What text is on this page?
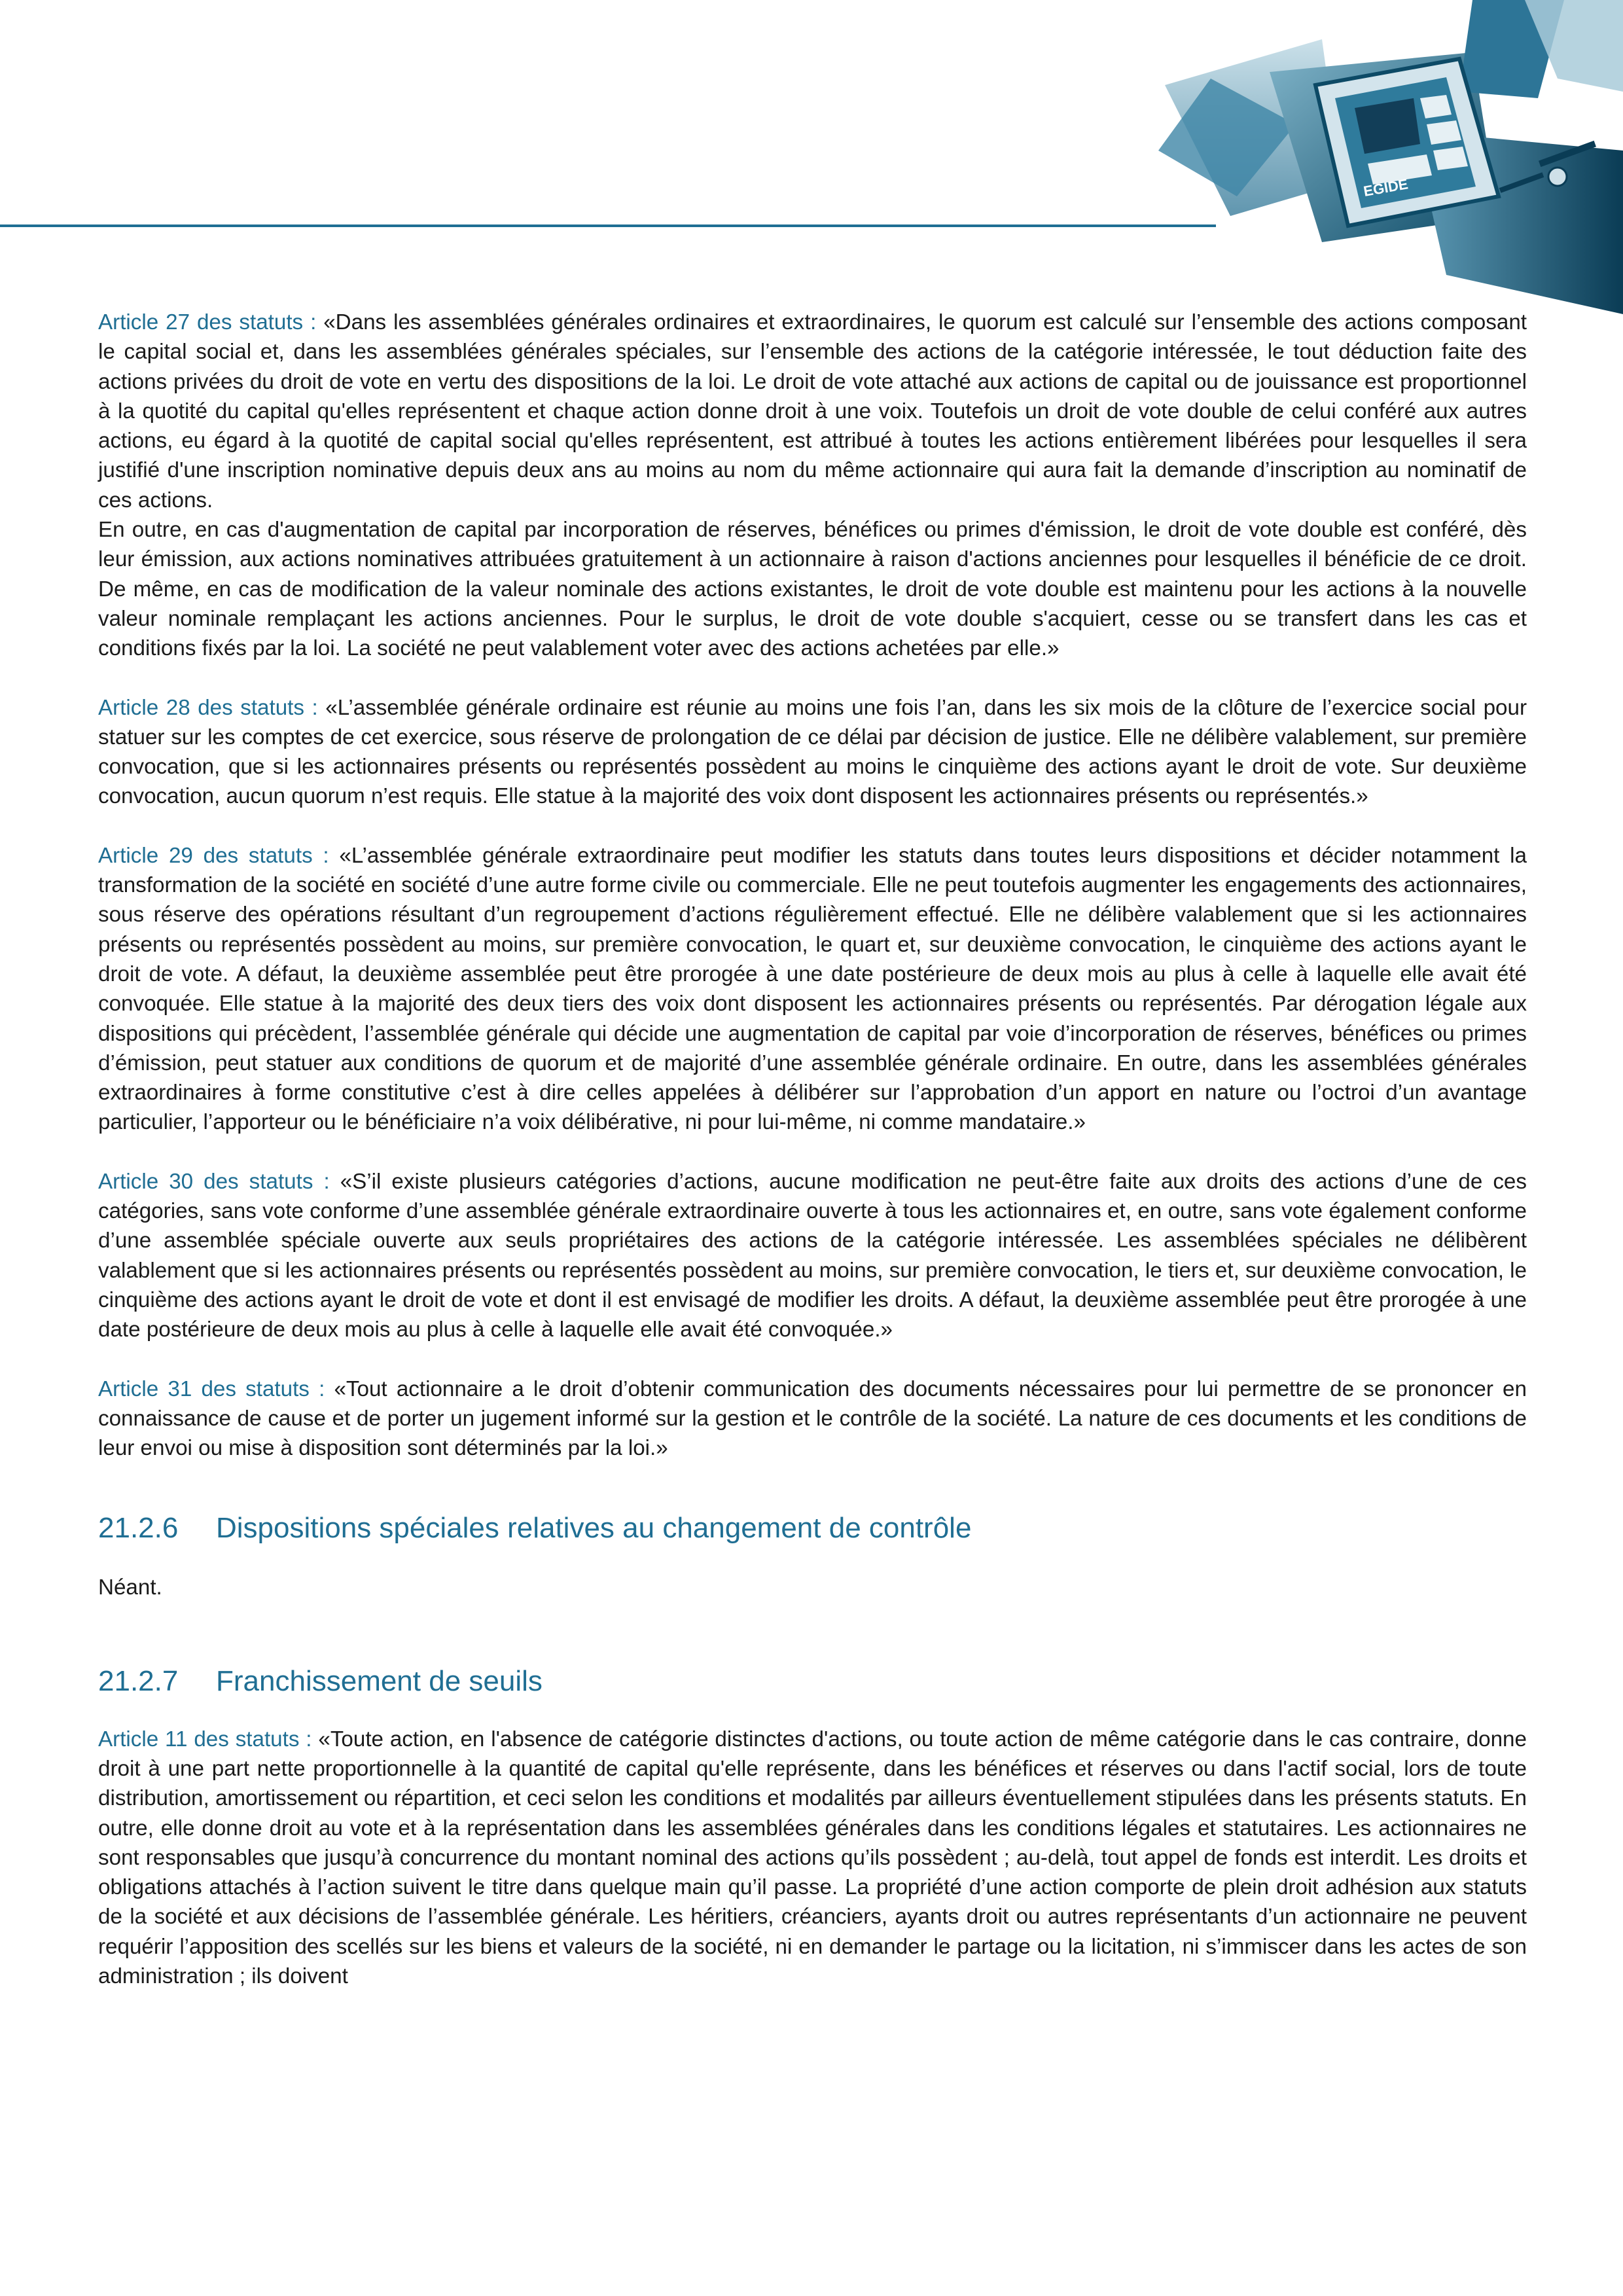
EGIDE

Article 27 des statuts : «Dans les assemblées générales ordinaires et extraordinaires, le quorum est calculé sur l’ensemble des actions composant le capital social et, dans les assemblées générales spéciales, sur l’ensemble des actions de la catégorie intéressée, le tout déduction faite des actions privées du droit de vote en vertu des dispositions de la loi. Le droit de vote attaché aux actions de capital ou de jouissance est proportionnel à la quotité du capital qu'elles représentent et chaque action donne droit à une voix. Toutefois un droit de vote double de celui conféré aux autres actions, eu égard à la quotité de capital social qu'elles représentent, est attribué à toutes les actions entièrement libérées pour lesquelles il sera justifié d'une inscription nominative depuis deux ans au moins au nom du même actionnaire qui aura fait la demande d’inscription au nominatif de ces actions.
En outre, en cas d'augmentation de capital par incorporation de réserves, bénéfices ou primes d'émission, le droit de vote double est conféré, dès leur émission, aux actions nominatives attribuées gratuitement à un actionnaire à raison d'actions anciennes pour lesquelles il bénéficie de ce droit. De même, en cas de modification de la valeur nominale des actions existantes, le droit de vote double est maintenu pour les actions à la nouvelle valeur nominale remplaçant les actions anciennes. Pour le surplus, le droit de vote double s'acquiert, cesse ou se transfert dans les cas et conditions fixés par la loi. La société ne peut valablement voter avec des actions achetées par elle.»

Article 28 des statuts : «L’assemblée générale ordinaire est réunie au moins une fois l’an, dans les six mois de la clôture de l’exercice social pour statuer sur les comptes de cet exercice, sous réserve de prolongation de ce délai par décision de justice. Elle ne délibère valablement, sur première convocation, que si les actionnaires présents ou représentés possèdent au moins le cinquième des actions ayant le droit de vote. Sur deuxième convocation, aucun quorum n’est requis. Elle statue à la majorité des voix dont disposent les actionnaires présents ou représentés.»

Article 29 des statuts : «L’assemblée générale extraordinaire peut modifier les statuts dans toutes leurs dispositions et décider notamment la transformation de la société en société d’une autre forme civile ou commerciale. Elle ne peut toutefois augmenter les engagements des actionnaires, sous réserve des opérations résultant d’un regroupement d’actions régulièrement effectué. Elle ne délibère valablement que si les actionnaires présents ou représentés possèdent au moins, sur première convocation, le quart et, sur deuxième convocation, le cinquième des actions ayant le droit de vote. A défaut, la deuxième assemblée peut être prorogée à une date postérieure de deux mois au plus à celle à laquelle elle avait été convoquée. Elle statue à la majorité des deux tiers des voix dont disposent les actionnaires présents ou représentés. Par dérogation légale aux dispositions qui précèdent, l’assemblée générale qui décide une augmentation de capital par voie d’incorporation de réserves, bénéfices ou primes d’émission, peut statuer aux conditions de quorum et de majorité d’une assemblée générale ordinaire. En outre, dans les assemblées générales extraordinaires à forme constitutive c’est à dire celles appelées à délibérer sur l’approbation d’un apport en nature ou l’octroi d’un avantage particulier, l’apporteur ou le bénéficiaire n’a voix délibérative, ni pour lui-même, ni comme mandataire.»

Article 30 des statuts : «S’il existe plusieurs catégories d’actions, aucune modification ne peut-être faite aux droits des actions d’une de ces catégories, sans vote conforme d’une assemblée générale extraordinaire ouverte à tous les actionnaires et, en outre, sans vote également conforme d’une assemblée spéciale ouverte aux seuls propriétaires des actions de la catégorie intéressée. Les assemblées spéciales ne délibèrent valablement que si les actionnaires présents ou représentés possèdent au moins, sur première convocation, le tiers et, sur deuxième convocation, le cinquième des actions ayant le droit de vote et dont il est envisagé de modifier les droits. A défaut, la deuxième assemblée peut être prorogée à une date postérieure de deux mois au plus à celle à laquelle elle avait été convoquée.»

Article 31 des statuts : «Tout actionnaire a le droit d’obtenir communication des documents nécessaires pour lui permettre de se prononcer en connaissance de cause et de porter un jugement informé sur la gestion et le contrôle de la société. La nature de ces documents et les conditions de leur envoi ou mise à disposition sont déterminés par la loi.»

21.2.6 Dispositions spéciales relatives au changement de contrôle

Néant.

21.2.7 Franchissement de seuils

Article 11 des statuts : «Toute action, en l'absence de catégorie distinctes d'actions, ou toute action de même catégorie dans le cas contraire, donne droit à une part nette proportionnelle à la quantité de capital qu'elle représente, dans les bénéfices et réserves ou dans l'actif social, lors de toute distribution, amortissement ou répartition, et ceci selon les conditions et modalités par ailleurs éventuellement stipulées dans les présents statuts. En outre, elle donne droit au vote et à la représentation dans les assemblées générales dans les conditions légales et statutaires. Les actionnaires ne sont responsables que jusqu’à concurrence du montant nominal des actions qu’ils possèdent ; au-delà, tout appel de fonds est interdit. Les droits et obligations attachés à l’action suivent le titre dans quelque main qu’il passe. La propriété d’une action comporte de plein droit adhésion aux statuts de la société et aux décisions de l’assemblée générale. Les héritiers, créanciers, ayants droit ou autres représentants d’un actionnaire ne peuvent requérir l’apposition des scellés sur les biens et valeurs de la société, ni en demander le partage ou la licitation, ni s’immiscer dans les actes de son administration ; ils doivent
